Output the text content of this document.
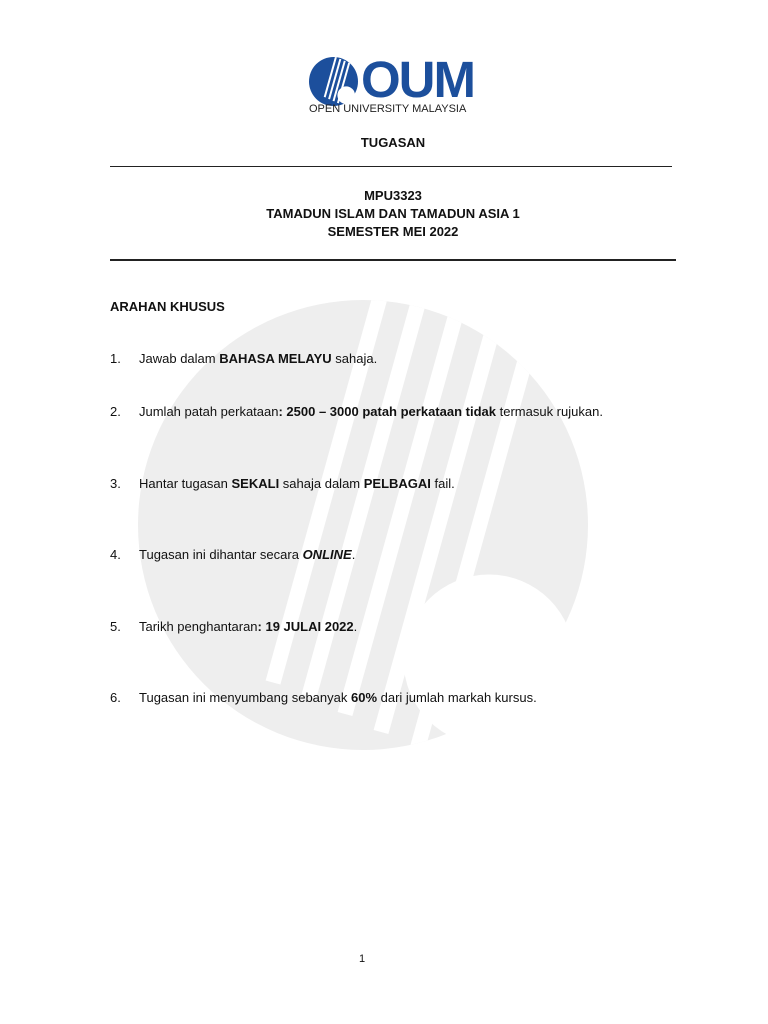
OUM
OPEN UNIVERSITY MALAYSIA
TUGASAN
MPU3323
TAMADUN ISLAM DAN TAMADUN ASIA 1
SEMESTER MEI 2022
ARAHAN KHUSUS
1. Jawab dalam BAHASA MELAYU sahaja.
2. Jumlah patah perkataan: 2500 – 3000 patah perkataan tidak termasuk rujukan.
3. Hantar tugasan SEKALI sahaja dalam PELBAGAI fail.
4. Tugasan ini dihantar secara ONLINE.
5. Tarikh penghantaran: 19 JULAI 2022.
6. Tugasan ini menyumbang sebanyak 60% dari jumlah markah kursus.
1
